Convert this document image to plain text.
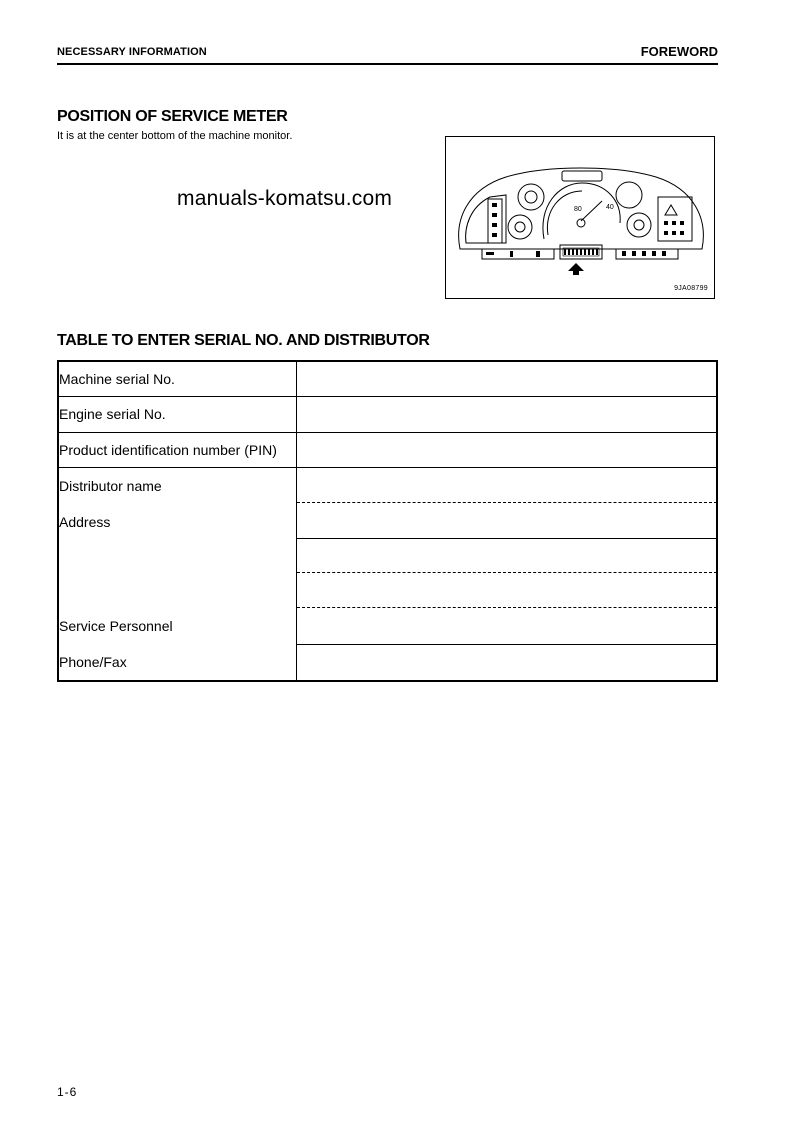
NECESSARY INFORMATION	FOREWORD
POSITION OF SERVICE METER
It is at the center bottom of the machine monitor.
manuals-komatsu.com	80	40
9JA08799
TABLE TO ENTER SERIAL NO. AND DISTRIBUTOR
Machine serial No.
Engine serial No.
Product identification number (PIN)
Distributor name
Address
Service Personnel
Phone/Fax
1-6
